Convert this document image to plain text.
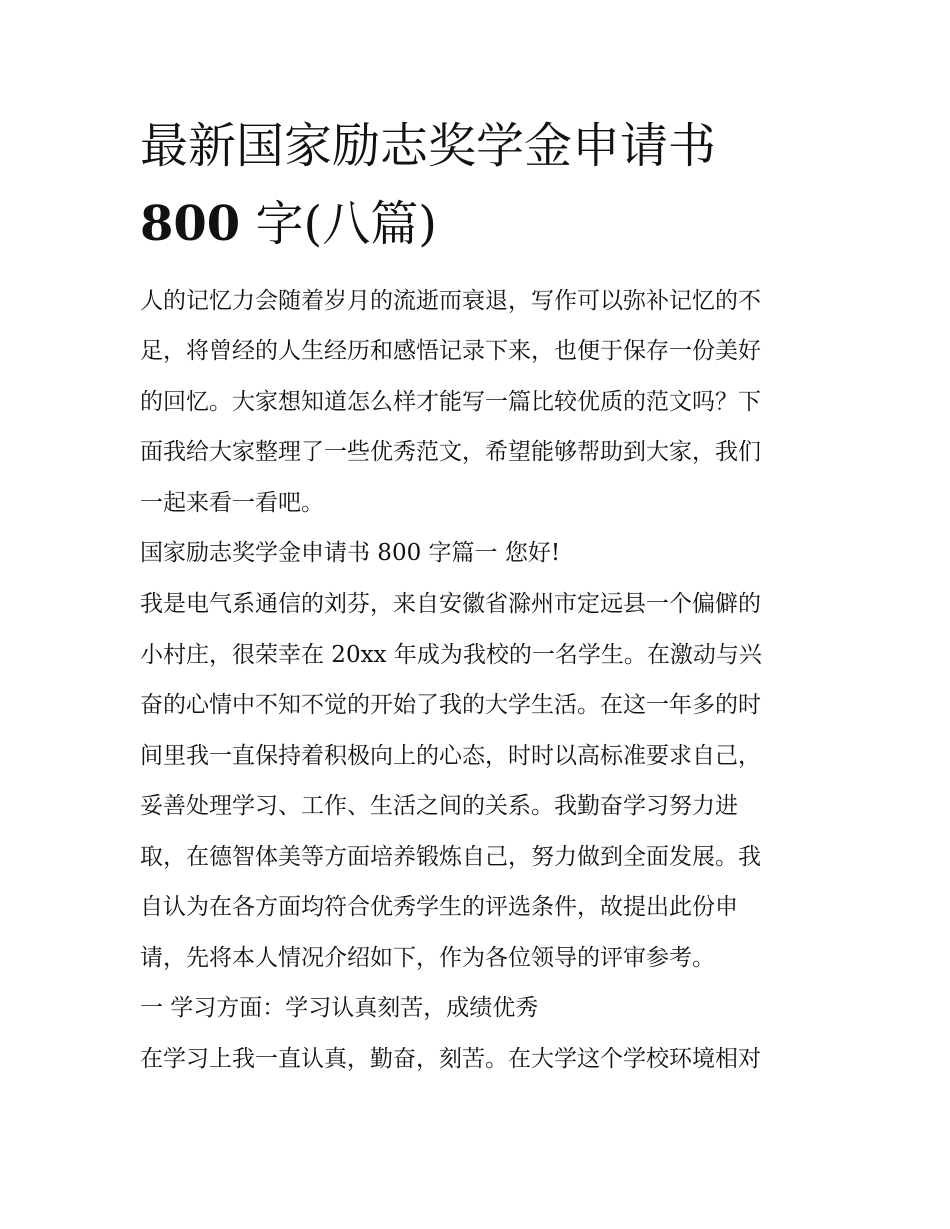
最新国家励志奖学金申请书
800 字(八篇)

人的记忆力会随着岁月的流逝而衰退，写作可以弥补记忆的不

足，将曾经的人生经历和感悟记录下来，也便于保存一份美好

的回忆。大家想知道怎么样才能写一篇比较优质的范文吗？下

面我给大家整理了一些优秀范文，希望能够帮助到大家，我们

一起来看一看吧。

国家励志奖学金申请书 800 字篇一 您好!

我是电气系通信的刘芬，来自安徽省滁州市定远县一个偏僻的

小村庄，很荣幸在 20xx 年成为我校的一名学生。在激动与兴

奋的心情中不知不觉的开始了我的大学生活。在这一年多的时

间里我一直保持着积极向上的心态，时时以高标准要求自己，

妥善处理学习、工作、生活之间的关系。我勤奋学习努力进

取，在德智体美等方面培养锻炼自己，努力做到全面发展。我

自认为在各方面均符合优秀学生的评选条件，故提出此份申

请，先将本人情况介绍如下，作为各位领导的评审参考。

一 学习方面：学习认真刻苦，成绩优秀

在学习上我一直认真，勤奋，刻苦。在大学这个学校环境相对
